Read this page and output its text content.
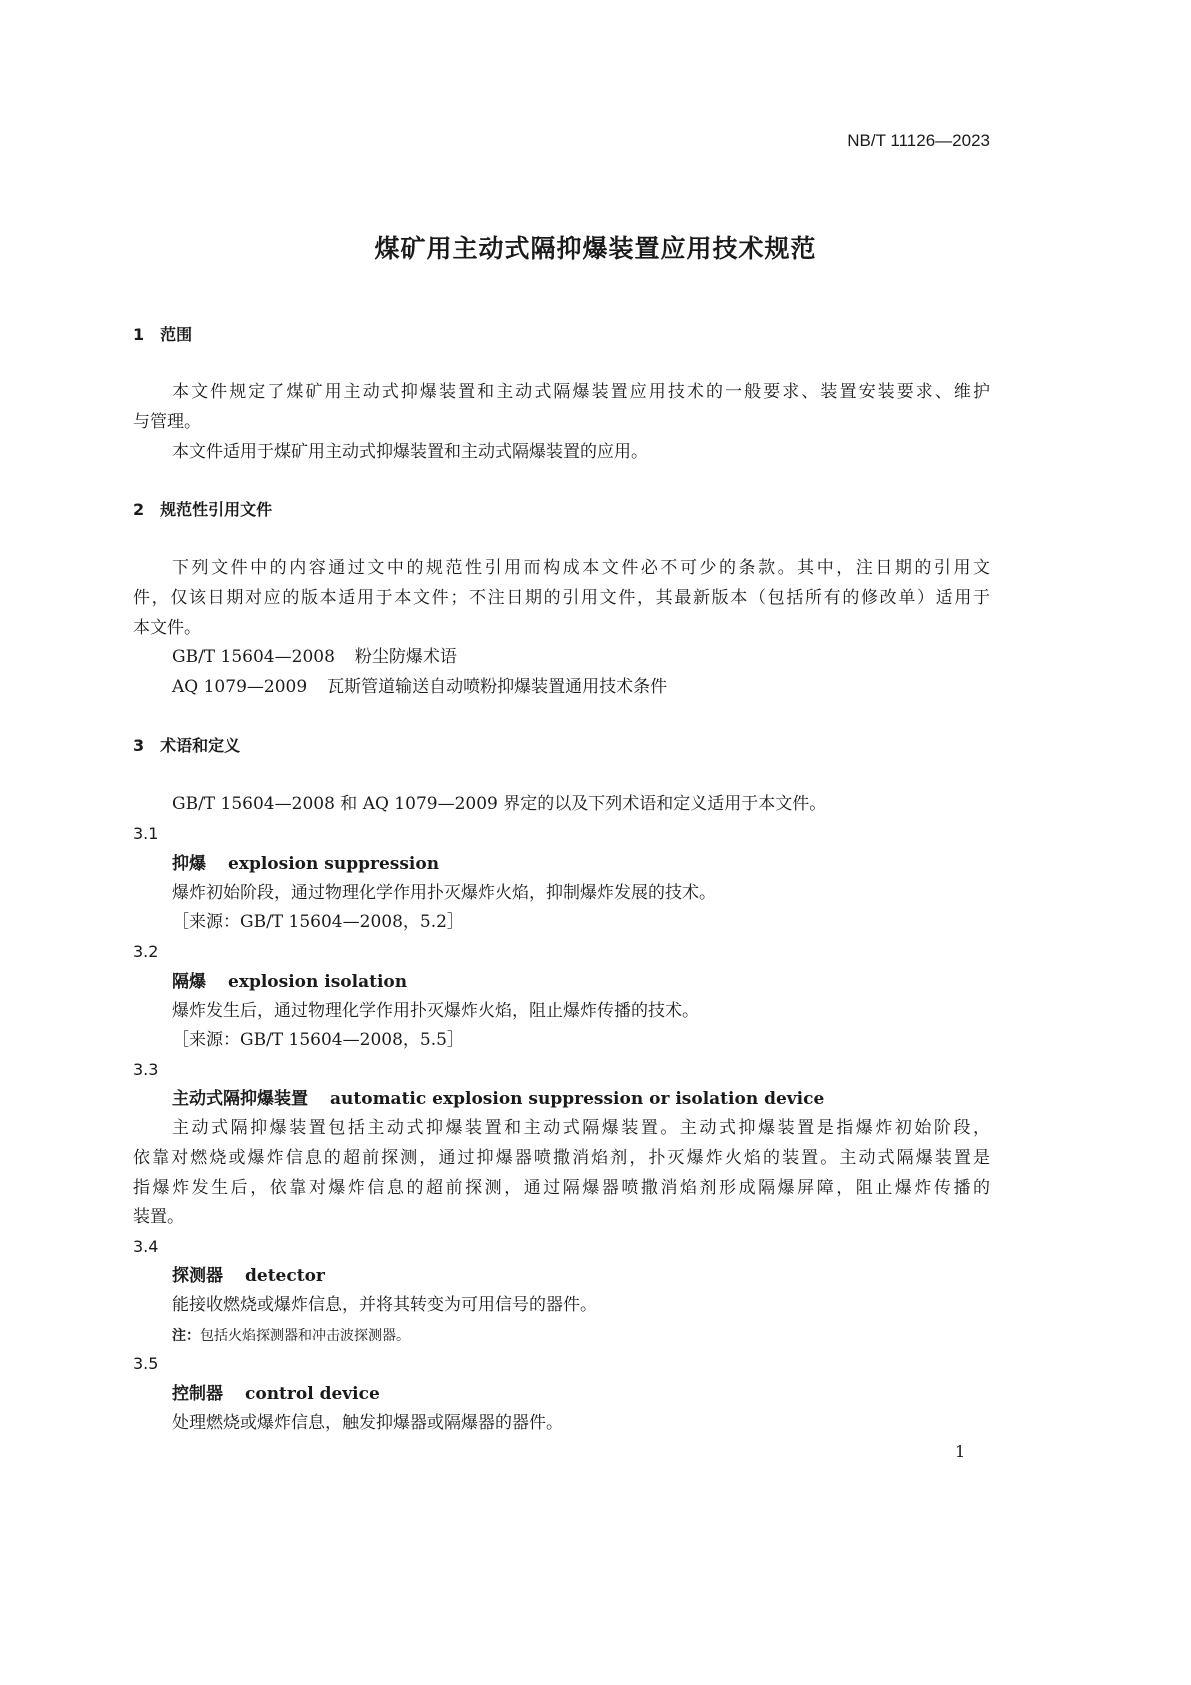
NB/T 11126—2023
煤矿用主动式隔抑爆装置应用技术规范
1　范围
本文件规定了煤矿用主动式抑爆装置和主动式隔爆装置应用技术的一般要求、装置安装要求、维护
与管理。
本文件适用于煤矿用主动式抑爆装置和主动式隔爆装置的应用。
2　规范性引用文件
下列文件中的内容通过文中的规范性引用而构成本文件必不可少的条款。其中，注日期的引用文
件，仅该日期对应的版本适用于本文件；不注日期的引用文件，其最新版本（包括所有的修改单）适用于
本文件。
GB/T 15604—2008 粉尘防爆术语
AQ 1079—2009 瓦斯管道输送自动喷粉抑爆装置通用技术条件
3　术语和定义
GB/T 15604—2008 和 AQ 1079—2009 界定的以及下列术语和定义适用于本文件。
3.1
抑爆 explosion suppression
爆炸初始阶段，通过物理化学作用扑灭爆炸火焰，抑制爆炸发展的技术。
［来源：GB/T 15604—2008，5.2］
3.2
隔爆 explosion isolation
爆炸发生后，通过物理化学作用扑灭爆炸火焰，阻止爆炸传播的技术。
［来源：GB/T 15604—2008，5.5］
3.3
主动式隔抑爆装置 automatic explosion suppression or isolation device
主动式隔抑爆装置包括主动式抑爆装置和主动式隔爆装置。主动式抑爆装置是指爆炸初始阶段，
依靠对燃烧或爆炸信息的超前探测，通过抑爆器喷撒消焰剂，扑灭爆炸火焰的装置。主动式隔爆装置是
指爆炸发生后，依靠对爆炸信息的超前探测，通过隔爆器喷撒消焰剂形成隔爆屏障，阻止爆炸传播的
装置。
3.4
探测器 detector
能接收燃烧或爆炸信息，并将其转变为可用信号的器件。
注：包括火焰探测器和冲击波探测器。
3.5
控制器 control device
处理燃烧或爆炸信息，触发抑爆器或隔爆器的器件。
1
